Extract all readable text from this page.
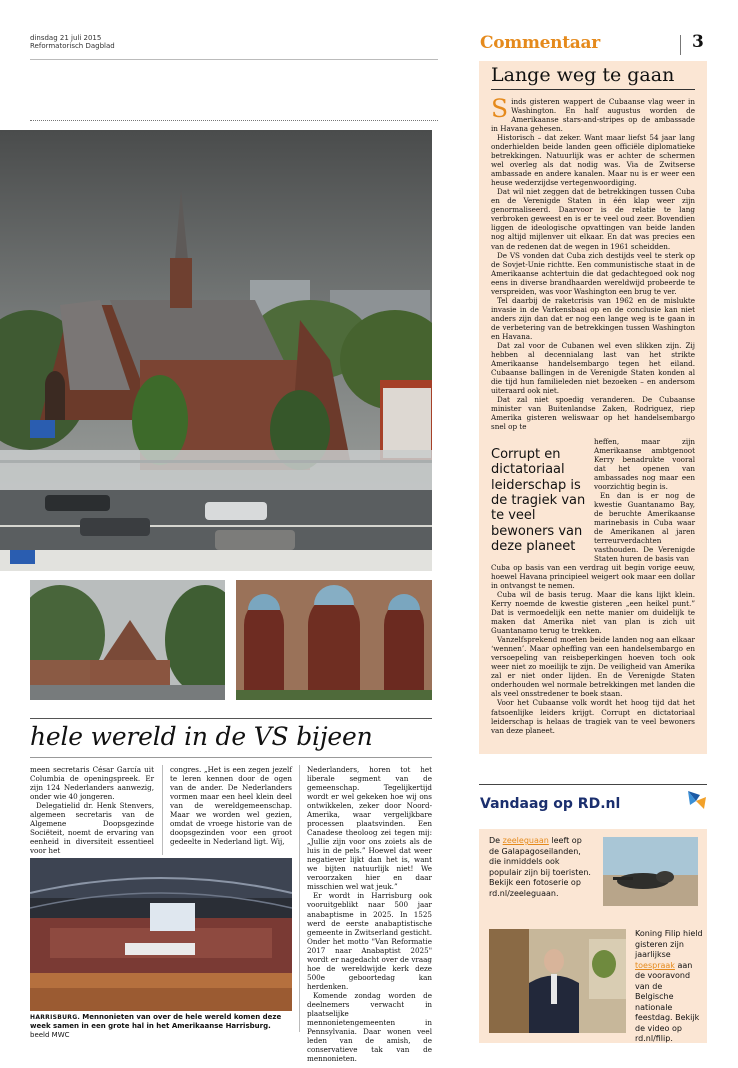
dinsdag 21 juli 2015
Reformatorisch Dagblad	Commentaar	3
Lange weg te gaan

Sinds gisteren wappert de Cubaanse vlag weer in Washington. En half augustus worden de Amerikaanse stars-and-stripes op de ambassade in Havana gehesen.

Historisch – dat zeker. Want maar liefst 54 jaar lang onderhielden beide landen geen officiële diplomatieke betrekkingen. Natuurlijk was er achter de schermen wel overleg als dat nodig was. Via de Zwitserse ambassade en andere kanalen. Maar nu is er weer een heuse wederzijdse vertegenwoordiging.

Dat wil niet zeggen dat de betrekkingen tussen Cuba en de Verenigde Staten in één klap weer zijn genormaliseerd. Daarvoor is de relatie te lang verbroken geweest en is er te veel oud zeer. Bovendien liggen de ideologische opvattingen van beide landen nog altijd mijlenver uit elkaar. En dat was precies een van de redenen dat de wegen in 1961 scheidden.

De VS vonden dat Cuba zich destijds veel te sterk op de Sovjet-Unie richtte. Een communistische staat in de Amerikaanse achtertuin die dat gedachtegoed ook nog eens in diverse brandhaarden wereldwijd probeerde te verspreiden, was voor Washington een brug te ver.

Tel daarbij de raketcrisis van 1962 en de mislukte invasie in de Varkensbaai op en de conclusie kan niet anders zijn dan dat er nog een lange weg is te gaan in de verbetering van de betrekkingen tussen Washington en Havana.

Dat zal voor de Cubanen wel even slikken zijn. Zij hebben al decennialang last van het strikte Amerikaanse handelsembargo tegen het eiland. Cubaanse ballingen in de Verenigde Staten konden al die tijd hun familieleden niet bezoeken – en andersom uiteraard ook niet.

Dat zal niet spoedig veranderen. De Cubaanse minister van Buitenlandse Zaken, Rodriguez, riep Amerika gisteren weliswaar op het handelsembargo snel op te

Corrupt en dictatoriaal leiderschap is de tragiek van te veel bewoners van deze planeet

heffen, maar zijn Amerikaanse ambtgenoot Kerry benadrukte vooral dat het openen van ambassades nog maar een voorzichtig begin is.

En dan is er nog de kwestie Guantanamo Bay, de beruchte Amerikaanse marinebasis in Cuba waar de Amerikanen al jaren terreurverdachten vasthouden. De Verenigde Staten huren de basis van

Cuba op basis van een verdrag uit begin vorige eeuw, hoewel Havana principieel weigert ook maar een dollar in ontvangst te nemen.

Cuba wil de basis terug. Maar die kans lijkt klein. Kerry noemde de kwestie gisteren „een heikel punt.” Dat is vermoedelijk een nette manier om duidelijk te maken dat Amerika niet van plan is zich uit Guantanamo terug te trekken.

Vanzelfsprekend moeten beide landen nog aan elkaar ‘wennen’. Maar opheffing van een handelsembargo en versoepeling van reisbeperkingen hoeven toch ook weer niet zo moeilijk te zijn. De veiligheid van Amerika zal er niet onder lijden. En de Verenigde Staten onderhouden wel normale betrekkingen met landen die als veel onsstredener te boek staan.

Voor het Cubaanse volk wordt het hoog tijd dat het fatsoenlijke leiders krijgt. Corrupt en dictatoriaal leiderschap is helaas de tragiek van te veel bewoners van deze planeet.

Vandaag op RD.nl
De zeeleguaan leeft op de Galapagoseilanden, die inmiddels ook populair zijn bij toeristen. Bekijk een fotoserie op rd.nl/zeeleguaan.
Koning Filip hield gisteren zijn jaarlijkse toespraak aan de vooravond van de Belgische nationale feestdag. Bekijk de video op rd.nl/filip.
hele wereld in de VS bijeen

meen secretaris César García uit Columbia de openingspreek. Er zijn 124 Nederlanders aanwezig, onder wie 40 jongeren.

Delegatielid dr. Henk Stenvers, algemeen secretaris van de Algemene Doopsgezinde Sociëteit, noemt de ervaring van eenheid in diversiteit essentieel voor het

congres. „Het is een zegen jezelf te leren kennen door de ogen van de ander. De Nederlanders vormen maar een heel klein deel van de wereldgemeenschap. Maar we worden wel gezien, omdat de vroege historie van de doopsgezinden voor een groot gedeelte in Nederland ligt. Wij,

Nederlanders, horen tot het liberale segment van de gemeenschap. Tegelijkertijd wordt er wel gekeken hoe wij ons ontwikkelen, zeker door Noord-Amerika, waar vergelijkbare processen plaatsvinden. Een Canadese theoloog zei tegen mij: „Jullie zijn voor ons zoiets als de luis in de pels.” Hoewel dat weer negatiever lijkt dan het is, want we bijten natuurlijk niet! We veroorzaken hier en daar misschien wel wat jeuk.”

Er wordt in Harrisburg ook vooruitgeblikt naar 500 jaar anabaptisme in 2025. In 1525 werd de eerste anabaptistische gemeente in Zwitserland gesticht. Onder het motto "Van Reformatie 2017 naar Anabaptist 2025" wordt er nagedacht over de vraag hoe de wereldwijde kerk deze 500e geboortedag kan herdenken.

Komende zondag worden de deelnemers verwacht in plaatselijke mennonietengemeenten in Pennsylvania. Daar wonen veel leden van de amish, de conservatieve tak van de mennonieten.

HARRISBURG. Mennonieten van over de hele wereld komen deze week samen in een grote hal in het Amerikaanse Harrisburg. beeld MWC
